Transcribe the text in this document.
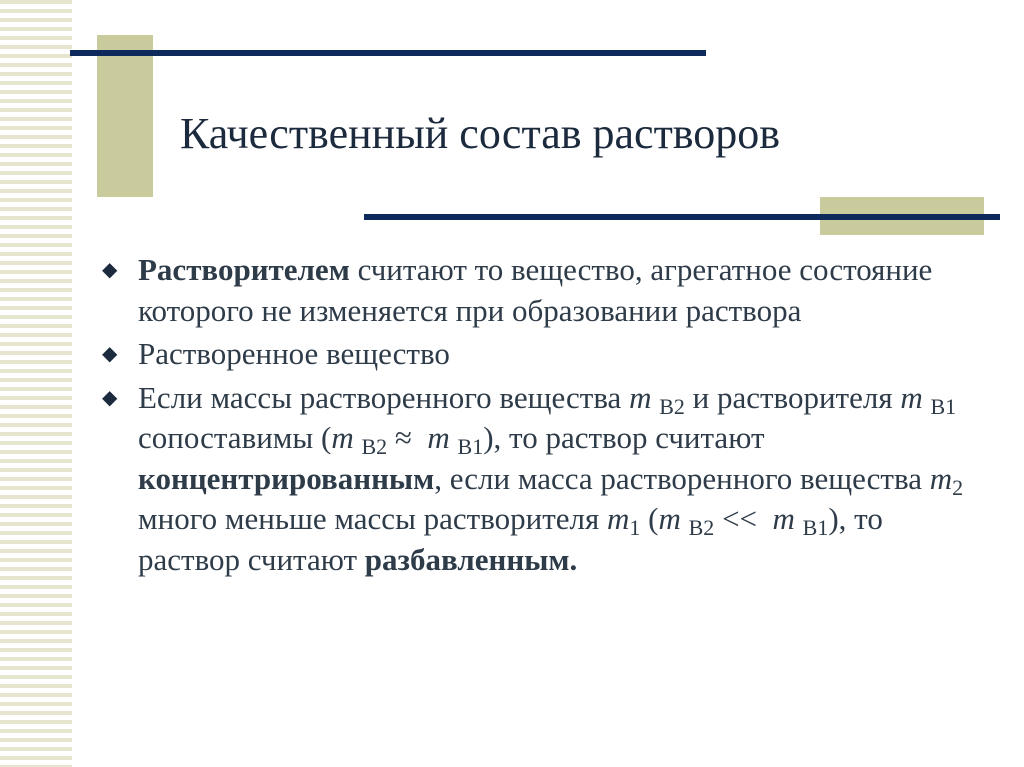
Качественный состав растворов
◆ Растворителем считают то вещество, агрегатное состояние которого не изменяется при образовании раствора
◆ Растворенное вещество
◆ Если массы растворенного вещества m $_{B2}$ и растворителя m $_{B1}$ сопоставимы (m $_{B2}$ ≈  m $_{B1}$), то раствор считают концентрированным, если масса растворенного вещества $m_2$ много меньше массы растворителя $m_1$ (m $_{B2}$ <<  m $_{B1}$), то раствор считают разбавленным.
